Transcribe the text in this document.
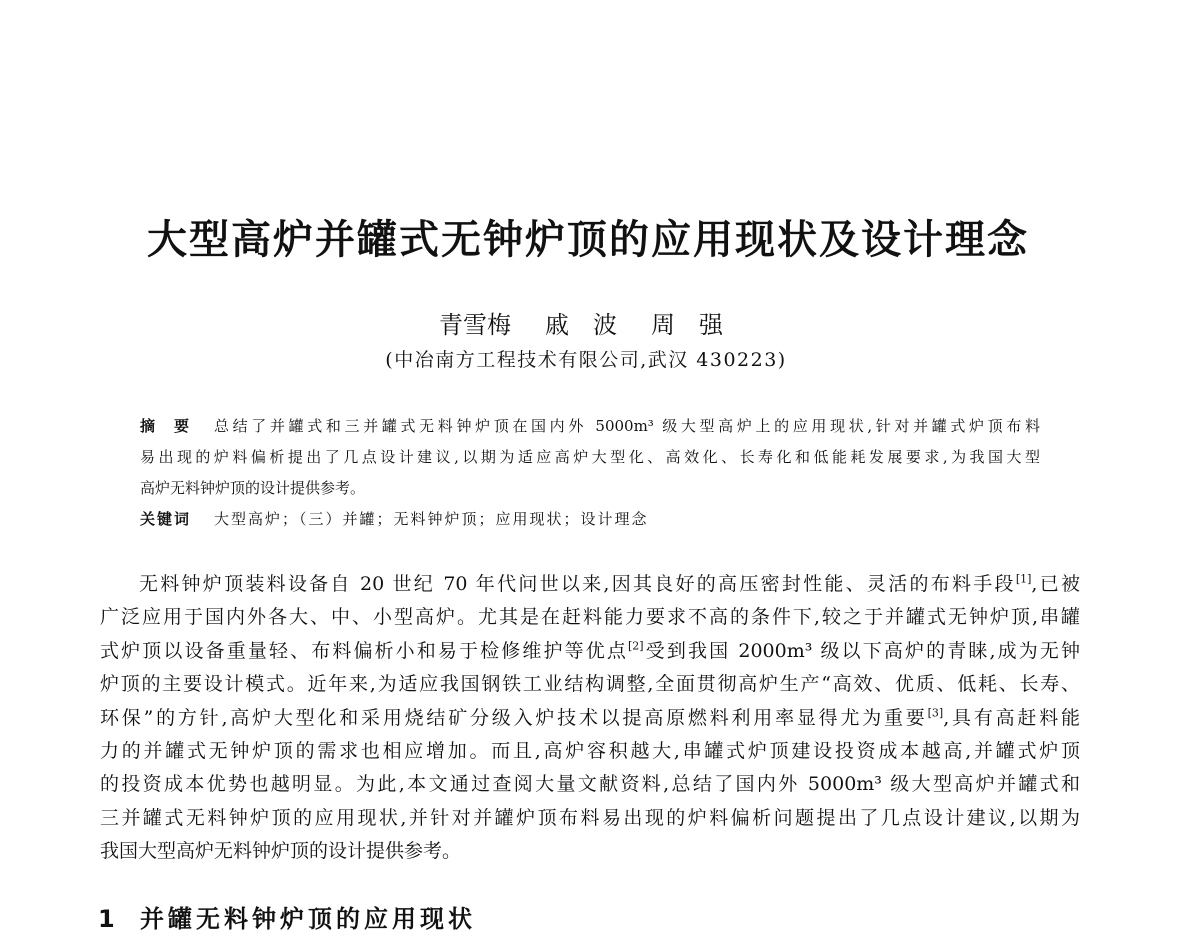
大型高炉并罐式无钟炉顶的应用现状及设计理念
青雪梅 戚　波 周　强
(中冶南方工程技术有限公司,武汉 430223)
摘　要	总结了并罐式和三并罐式无料钟炉顶在国内外 5000m³ 级大型高炉上的应用现状,针对并罐式炉顶布料
易出现的炉料偏析提出了几点设计建议,以期为适应高炉大型化、高效化、长寿化和低能耗发展要求,为我国大型
高炉无料钟炉顶的设计提供参考。
关键词	大型高炉；（三）并罐；无料钟炉顶；应用现状；设计理念
无料钟炉顶装料设备自 20 世纪 70 年代问世以来,因其良好的高压密封性能、灵活的布料手段[1],已被
广泛应用于国内外各大、中、小型高炉。尤其是在赶料能力要求不高的条件下,较之于并罐式无钟炉顶,串罐
式炉顶以设备重量轻、布料偏析小和易于检修维护等优点[2]受到我国 2000m³ 级以下高炉的青睐,成为无钟
炉顶的主要设计模式。近年来,为适应我国钢铁工业结构调整,全面贯彻高炉生产“高效、优质、低耗、长寿、
环保”的方针,高炉大型化和采用烧结矿分级入炉技术以提高原燃料利用率显得尤为重要[3],具有高赶料能
力的并罐式无钟炉顶的需求也相应增加。而且,高炉容积越大,串罐式炉顶建设投资成本越高,并罐式炉顶
的投资成本优势也越明显。为此,本文通过查阅大量文献资料,总结了国内外 5000m³ 级大型高炉并罐式和
三并罐式无料钟炉顶的应用现状,并针对并罐炉顶布料易出现的炉料偏析问题提出了几点设计建议,以期为
我国大型高炉无料钟炉顶的设计提供参考。
1	并罐无料钟炉顶的应用现状
